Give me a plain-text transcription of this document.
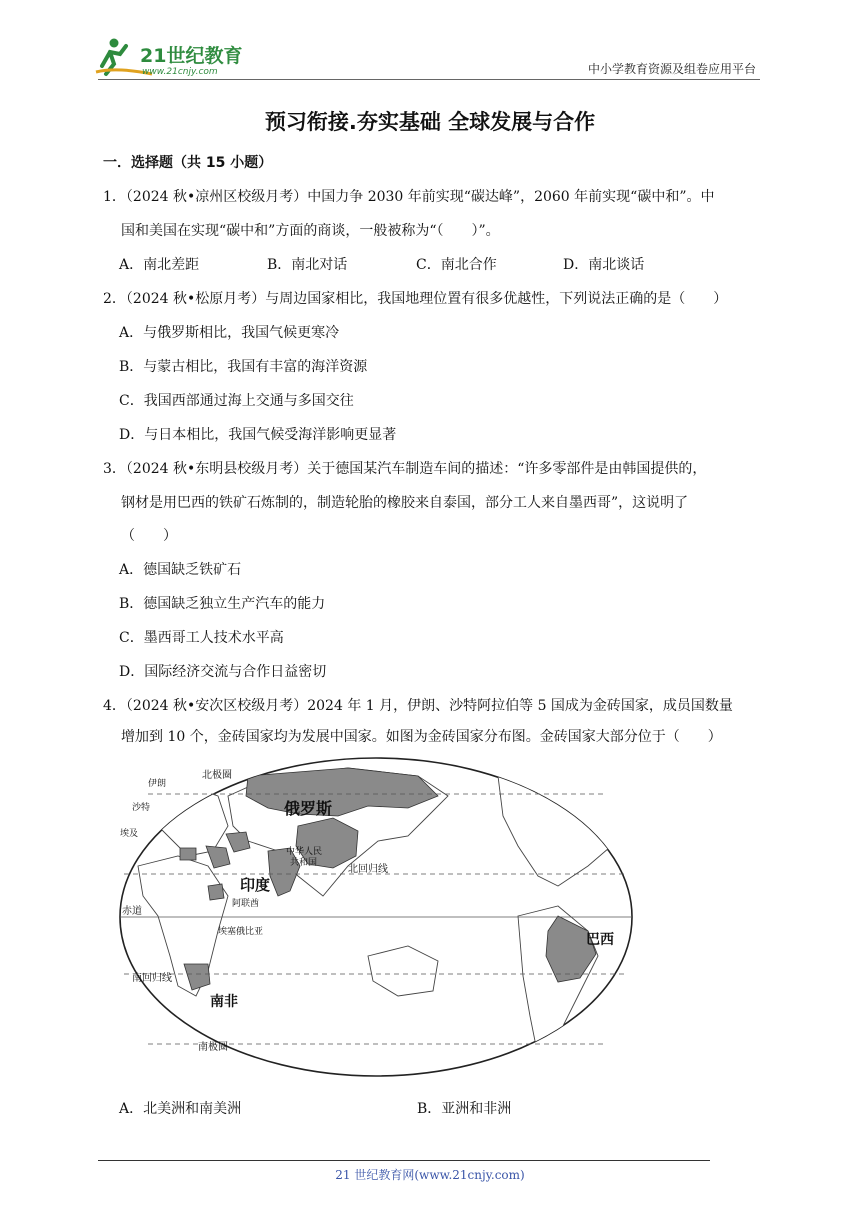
21世纪教育
www.21cnjy.com	中小学教育资源及组卷应用平台
预习衔接.夯实基础 全球发展与合作
一．选择题（共 15 小题）
1．（2024 秋•凉州区校级月考）中国力争 2030 年前实现“碳达峰”，2060 年前实现“碳中和”。中
国和美国在实现“碳中和”方面的商谈，一般被称为“（　　）”。
A．南北差距	B．南北对话	C．南北合作	D．南北谈话
2．（2024 秋•松原月考）与周边国家相比，我国地理位置有很多优越性，下列说法正确的是（　　）
A．与俄罗斯相比，我国气候更寒冷
B．与蒙古相比，我国有丰富的海洋资源
C．我国西部通过海上交通与多国交往
D．与日本相比，我国气候受海洋影响更显著
3．（2024 秋•东明县校级月考）关于德国某汽车制造车间的描述：“许多零部件是由韩国提供的，
钢材是用巴西的铁矿石炼制的，制造轮胎的橡胶来自泰国，部分工人来自墨西哥”，这说明了
（　　）
A．德国缺乏铁矿石
B．德国缺乏独立生产汽车的能力
C．墨西哥工人技术水平高
D．国际经济交流与合作日益密切
4．（2024 秋•安次区校级月考）2024 年 1 月，伊朗、沙特阿拉伯等 5 国成为金砖国家，成员国数量
增加到 10 个，金砖国家均为发展中国家。如图为金砖国家分布图。金砖国家大部分位于（　　）
北极圈
伊朗
沙特
埃及
俄罗斯
中华人民
共和国
北回归线
印度
阿联酋
赤道
埃塞俄比亚	巴西
南回归线
南非
南极圈
A．北美洲和南美洲	B．亚洲和非洲
21 世纪教育网(www.21cnjy.com)
